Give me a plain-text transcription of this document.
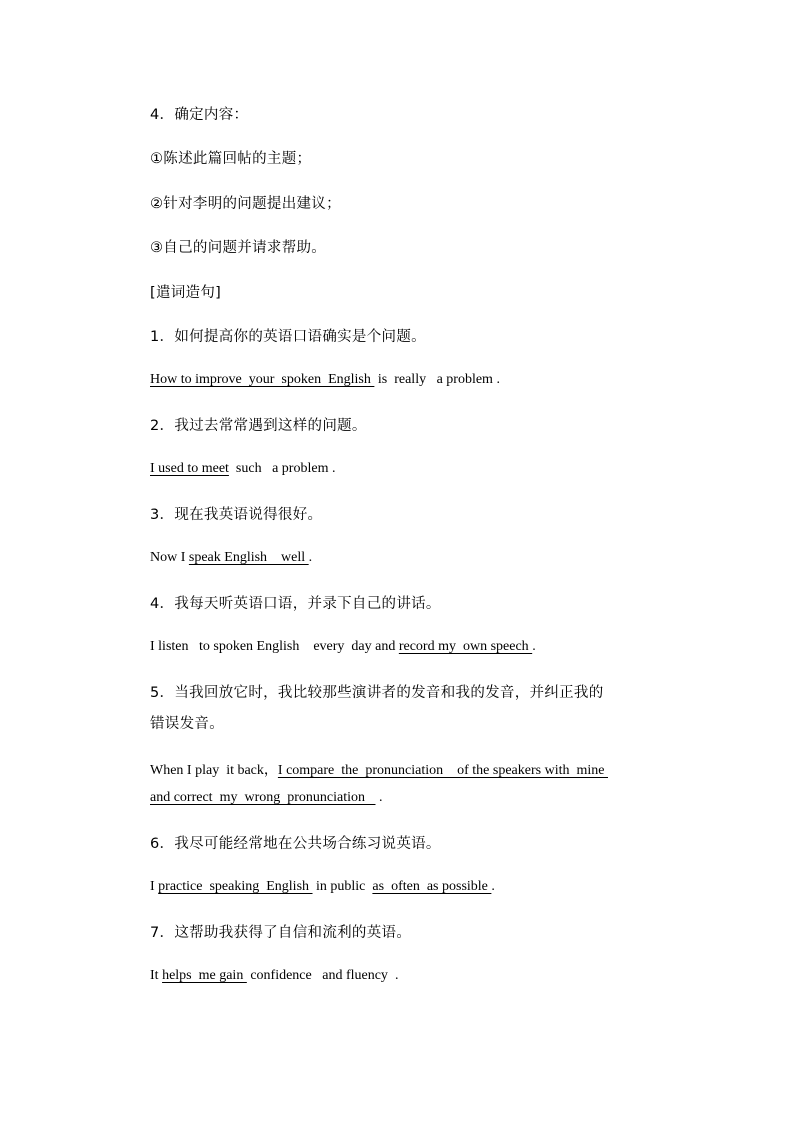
4．确定内容：
①陈述此篇回帖的主题；
②针对李明的问题提出建议；
③自己的问题并请求帮助。
[遣词造句]
1．如何提高你的英语口语确实是个问题。
How to improve  your  spoken  English  is  really   a problem .
2．我过去常常遇到这样的问题。
I used to meet  such   a problem .
3．现在我英语说得很好。
Now I speak English    well .
4．我每天听英语口语，并录下自己的讲话。
I listen   to spoken English    every  day and record my  own speech .
5．当我回放它时，我比较那些演讲者的发音和我的发音，并纠正我的
错误发音。
When I play  it back，I compare  the  pronunciation    of the speakers with  mine
and correct  my  wrong  pronunciation    .
6．我尽可能经常地在公共场合练习说英语。
I practice  speaking  English  in public  as  often  as possible .
7．这帮助我获得了自信和流利的英语。
It helps  me gain  confidence   and fluency  .
